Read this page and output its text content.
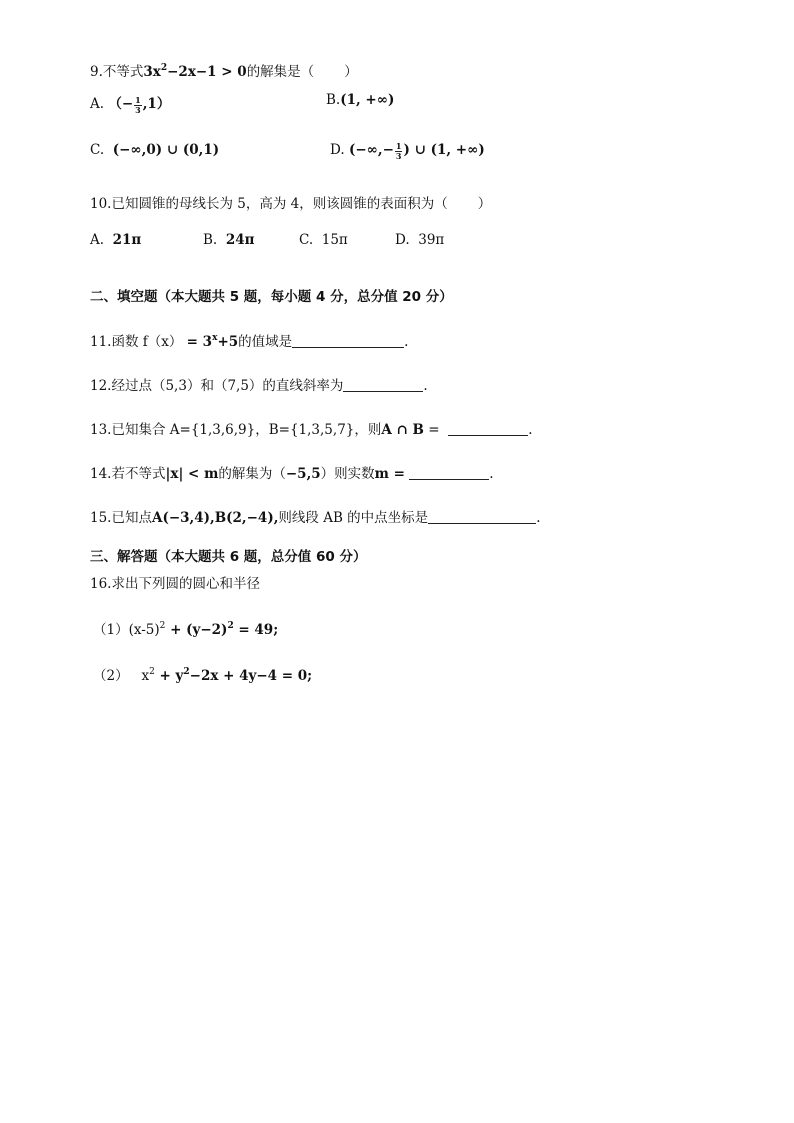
9.不等式$3x^2-2x-1 > 0$的解集是（ ）
A. （− $\frac{1}{3} ,1$）	B.(1, +∞)
C. (−∞,0) ∪ (0,1)	D. (−∞,− $\frac{1}{3}$ ) ∪ (1, +∞)
10.已知圆锥的母线长为 5，高为 4，则该圆锥的表面积为（ ）
A. 21π	B. 24π	C. 15π	D. 39π
二、填空题（本大题共 5 题，每小题 4 分，总分值 20 分）
11.函数 $f(x) = 3^x+5$的值域是	.
12.经过点（5,3）和（7,5）的直线斜率为	.
13.已知集合 A={1,3,6,9}，B={1,3,5,7}，则A ∩ B =	.
14.若不等式|x| < m的解集为（−5,5）则实数m =	.
15.已知点A(−3,4),B(2,−4),则线段 AB 的中点坐标是	.
三、解答题（本大题共 6 题，总分值 60 分）
16.求出下列圆的圆心和半径
$(1)(x-5)^2 + (y-2)^2 = 49$;
（2） $x^2 + y^2-2x + 4y-4 = 0$;
